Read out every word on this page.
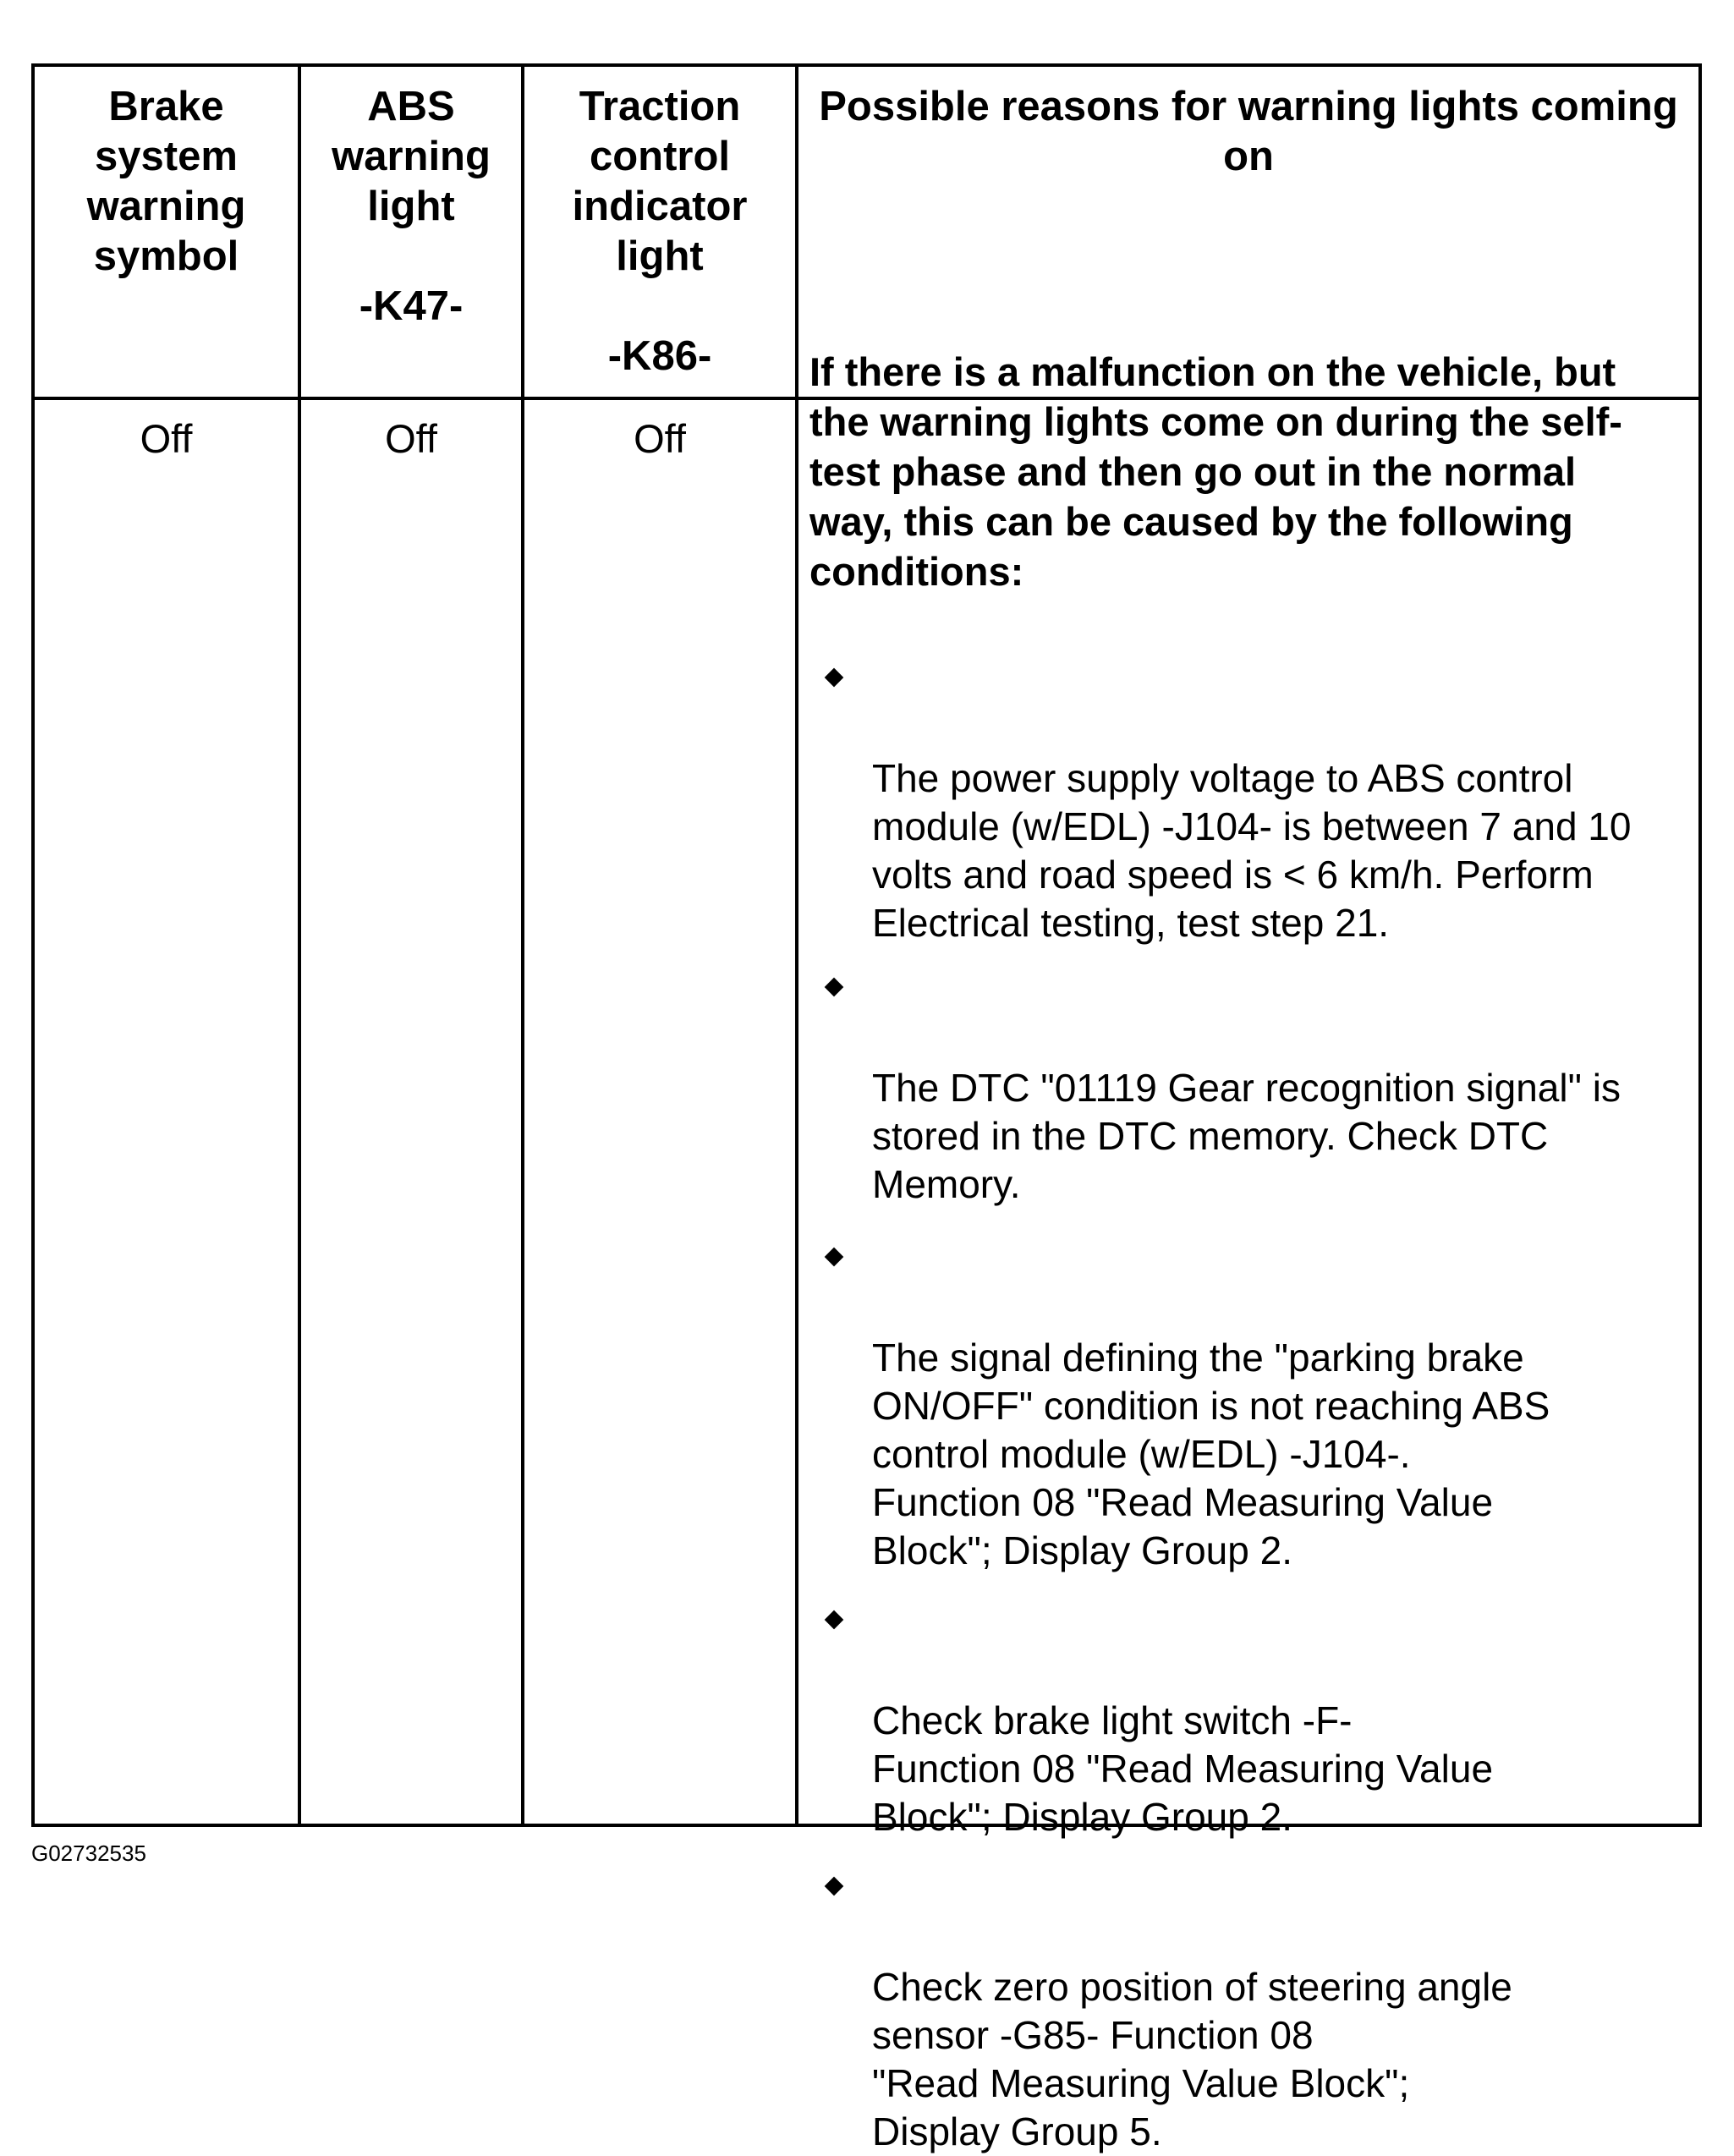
Brake
system
warning
symbol
ABS
warning
light

-K47-
Traction
control
indicator
light

-K86-
Possible reasons for warning lights coming
on
Off	Off	Off
If there is a malfunction on the vehicle, but
the warning lights come on during the self-
test phase and then go out in the normal
way, this can be caused by the following
conditions:

The power supply voltage to ABS control
module (w/EDL) -J104- is between 7 and 10
volts and road speed is < 6 km/h. Perform
Electrical testing, test step 21.

The DTC "01119 Gear recognition signal" is
stored in the DTC memory. Check DTC
Memory.

The signal defining the "parking brake
ON/OFF" condition is not reaching ABS
control module (w/EDL) -J104-.
Function 08 "Read Measuring Value
Block"; Display Group 2.

Check brake light switch -F-
Function 08 "Read Measuring Value
Block"; Display Group 2.

Check zero position of steering angle
sensor -G85- Function 08
"Read Measuring Value Block";
Display Group 5.

G02732535
